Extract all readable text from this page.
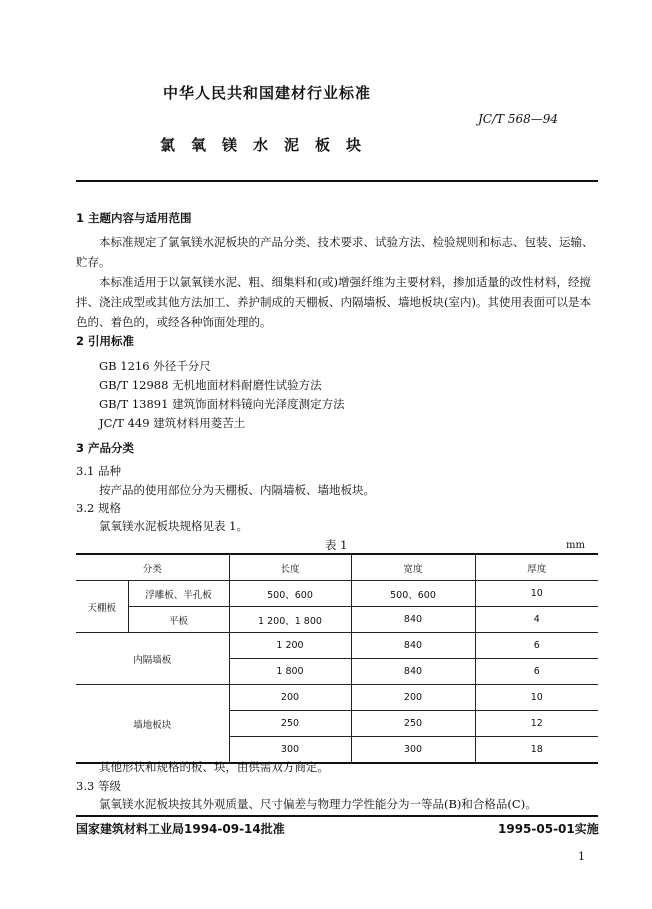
中华人民共和国建材行业标准
JC/T 568—94
氯氧镁水泥板块
1 主题内容与适用范围
本标准规定了氯氧镁水泥板块的产品分类、技术要求、试验方法、检验规则和标志、包装、运输、贮存。
本标准适用于以氯氧镁水泥、粗、细集料和(或)增强纤维为主要材料，掺加适量的改性材料，经搅拌、浇注成型或其他方法加工、养护制成的天棚板、内隔墙板、墙地板块(室内)。其使用表面可以是本色的、着色的，或经各种饰面处理的。
2 引用标准
GB 1216 外径千分尺
GB/T 12988 无机地面材料耐磨性试验方法
GB/T 13891 建筑饰面材料镜向光泽度测定方法
JC/T 449 建筑材料用菱苦土
3 产品分类
3.1 品种
按产品的使用部位分为天棚板、内隔墙板、墙地板块。
3.2 规格
氯氧镁水泥板块规格见表 1。
表 1	mm
分类		长度	宽度	厚度
天棚板	浮雕板、半孔板	500、600	500、600	10
	平板	1 200、1 800	840	4
内隔墙板		1 200	840	6
		1 800	840	6
墙地板块		200	200	10
		250	250	12
		300	300	18
其他形状和规格的板、块，由供需双方商定。
3.3 等级
氯氧镁水泥板块按其外观质量、尺寸偏差与物理力学性能分为一等品(B)和合格品(C)。
国家建筑材料工业局1994-09-14批准	1995-05-01实施
1
